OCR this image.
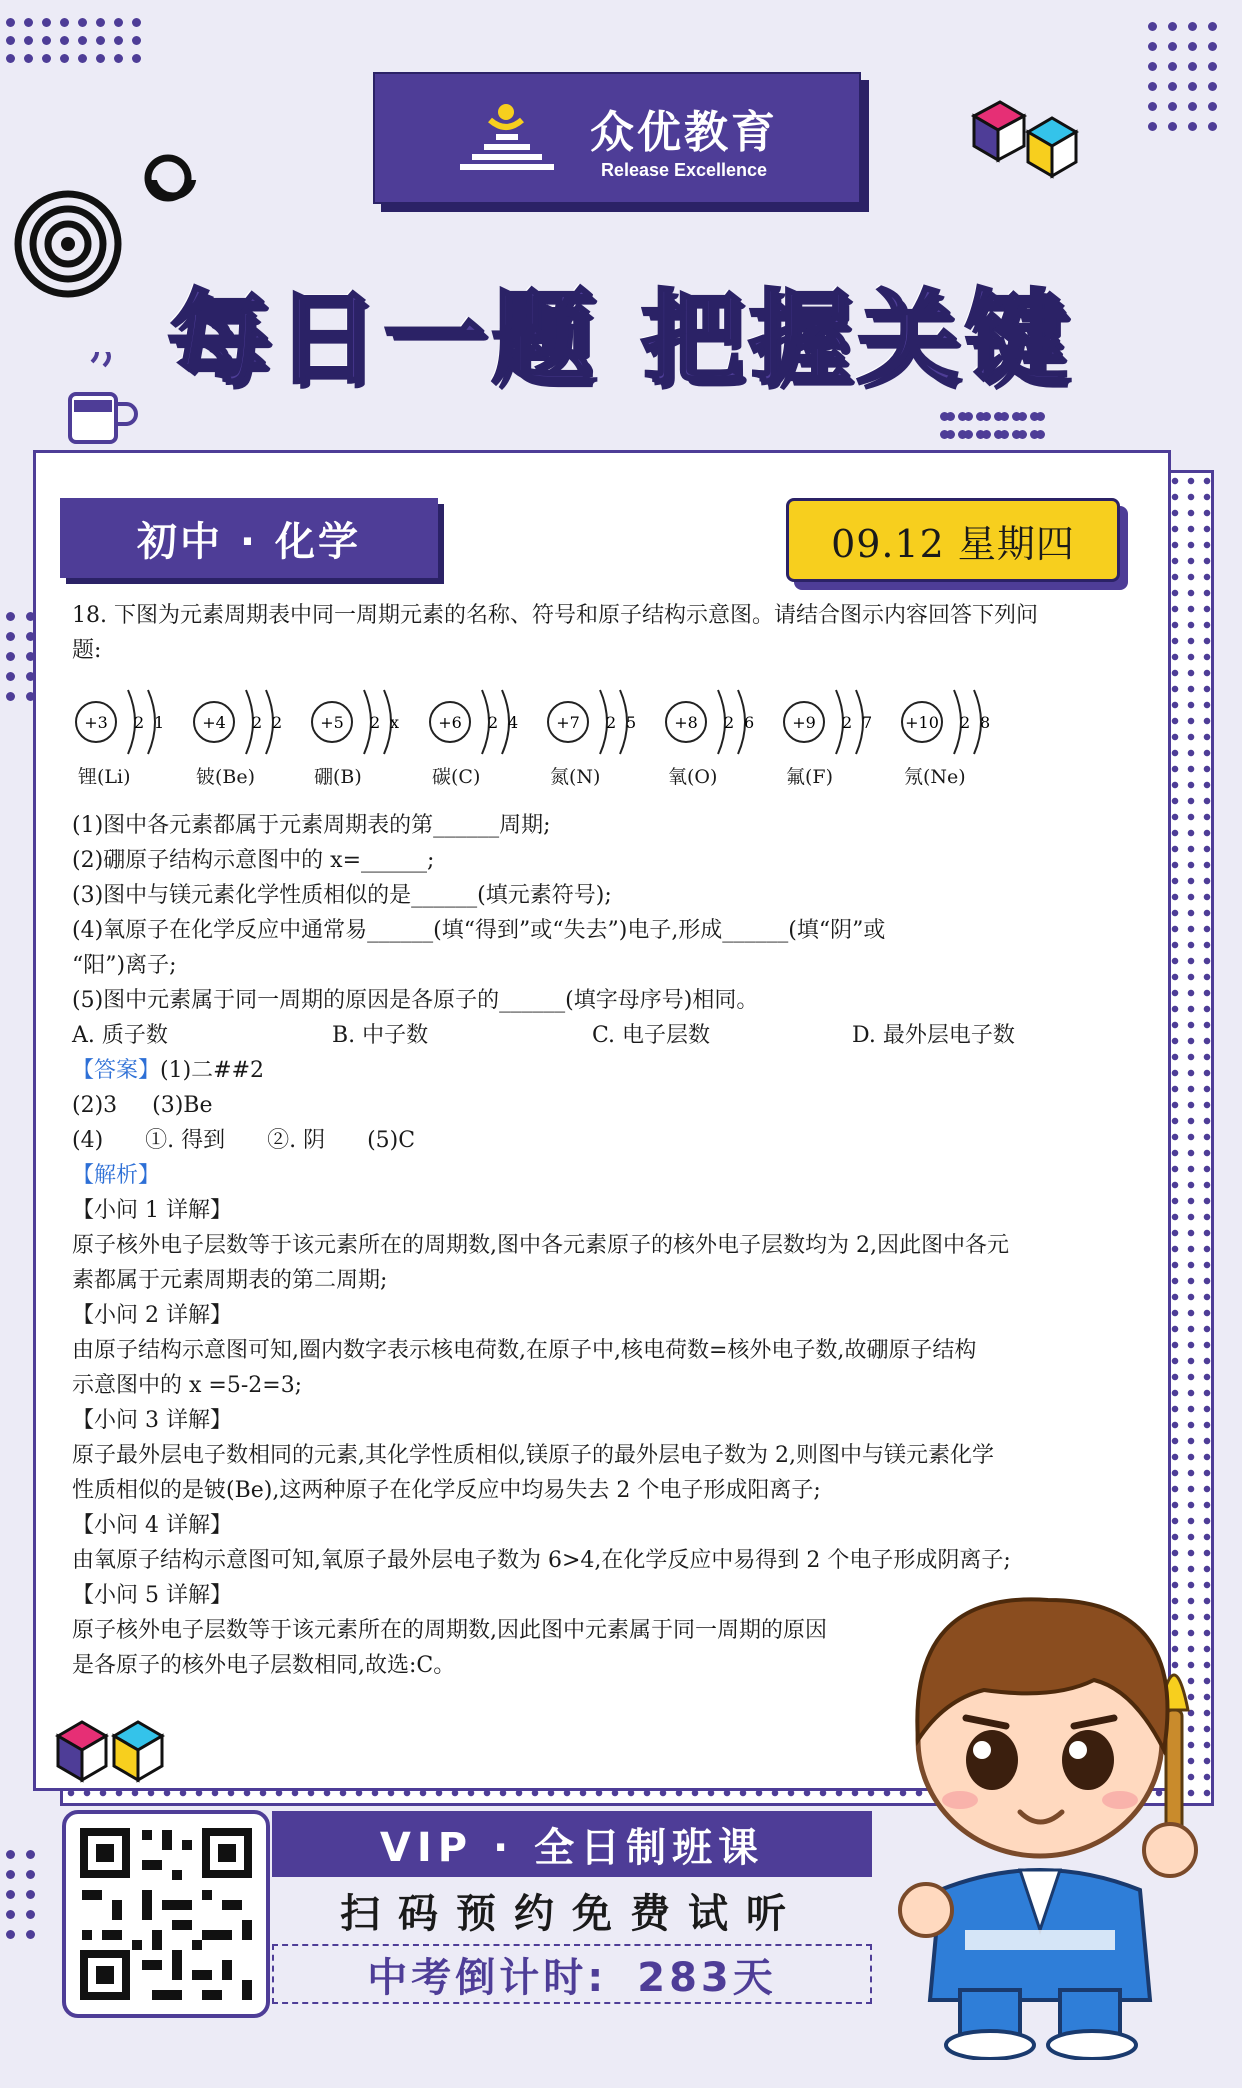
众优教育
Release Excellence
每日一题 把握关键
初中 · 化学	09.12 星期四

18. 下图为元素周期表中同一周期元素的名称、符号和原子结构示意图。请结合图示内容回答下列问

题:

+3 2 1
锂(Li)
+4 2 2
铍(Be)
+5 2 x
硼(B)
+6 2 4
碳(C)
+7 2 5
氮(N)
+8 2 6
氧(O)
+9 2 7
氟(F)
+10 2 8
氖(Ne)

(1)图中各元素都属于元素周期表的第______周期;

(2)硼原子结构示意图中的 x=______;

(3)图中与镁元素化学性质相似的是______(填元素符号);

(4)氧原子在化学反应中通常易______(填“得到”或“失去”)电子,形成______(填“阴”或

“阳”)离子;

(5)图中元素属于同一周期的原因是各原子的______(填字母序号)相同。

A. 质子数	B. 中子数	C. 电子层数	D. 最外层电子数

【答案】(1)二##2

(2)3 (3)Be

(4) ①. 得到 ②. 阴 (5)C

【解析】

【小问 1 详解】

原子核外电子层数等于该元素所在的周期数,图中各元素原子的核外电子层数均为 2,因此图中各元

素都属于元素周期表的第二周期;

【小问 2 详解】

由原子结构示意图可知,圈内数字表示核电荷数,在原子中,核电荷数=核外电子数,故硼原子结构

示意图中的 x =5-2=3;

【小问 3 详解】

原子最外层电子数相同的元素,其化学性质相似,镁原子的最外层电子数为 2,则图中与镁元素化学

性质相似的是铍(Be),这两种原子在化学反应中均易失去 2 个电子形成阳离子;

【小问 4 详解】

由氧原子结构示意图可知,氧原子最外层电子数为 6>4,在化学反应中易得到 2 个电子形成阴离子;

【小问 5 详解】

原子核外电子层数等于该元素所在的周期数,因此图中元素属于同一周期的原因

是各原子的核外电子层数相同,故选:C。

VIP · 全日制班课
扫码预约免费试听
中考倒计时: 283天
